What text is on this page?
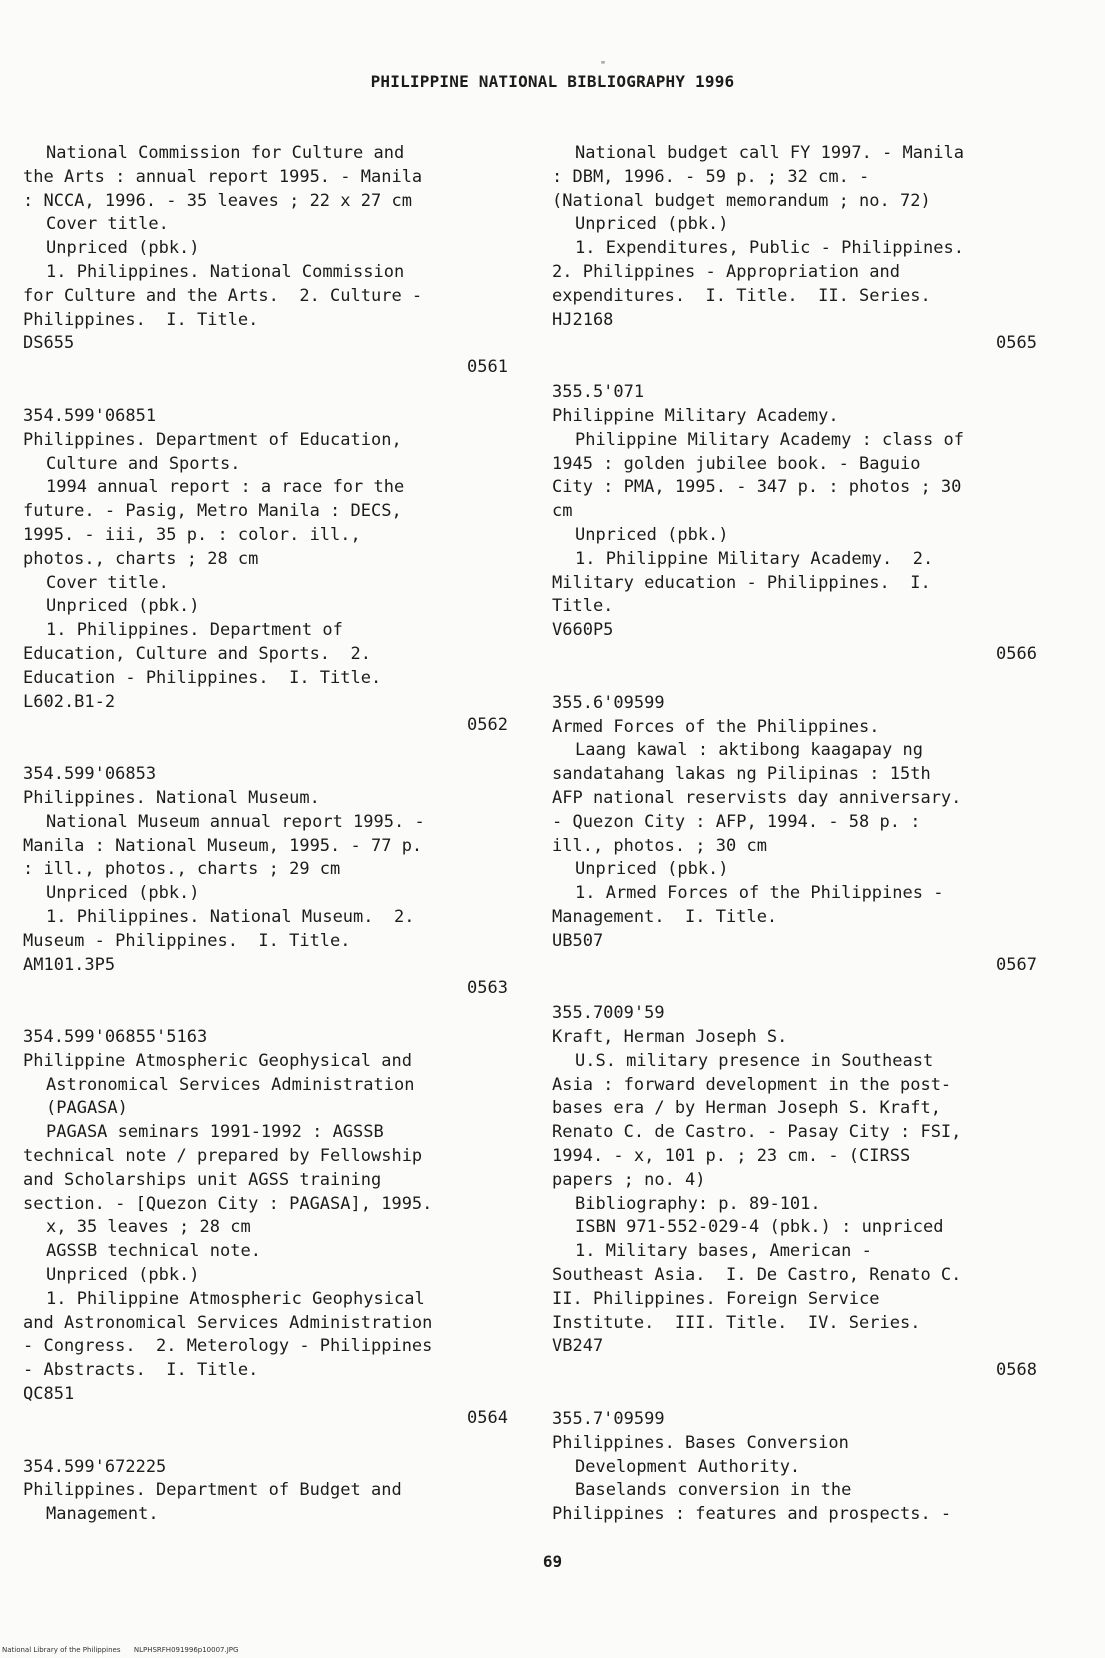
"
PHILIPPINE NATIONAL BIBLIOGRAPHY 1996
National Commission for Culture and
the Arts : annual report 1995. - Manila
: NCCA, 1996. - 35 leaves ; 22 x 27 cm
Cover title.
Unpriced (pbk.)
1. Philippines. National Commission
for Culture and the Arts.  2. Culture -
Philippines.  I. Title.
DS655
0561
354.599'06851
Philippines. Department of Education,
Culture and Sports.
1994 annual report : a race for the
future. - Pasig, Metro Manila : DECS,
1995. - iii, 35 p. : color. ill.,
photos., charts ; 28 cm
Cover title.
Unpriced (pbk.)
1. Philippines. Department of
Education, Culture and Sports.  2.
Education - Philippines.  I. Title.
L602.B1-2
0562
354.599'06853
Philippines. National Museum.
National Museum annual report 1995. -
Manila : National Museum, 1995. - 77 p.
: ill., photos., charts ; 29 cm
Unpriced (pbk.)
1. Philippines. National Museum.  2.
Museum - Philippines.  I. Title.
AM101.3P5
0563
354.599'06855'5163
Philippine Atmospheric Geophysical and
Astronomical Services Administration
(PAGASA)
PAGASA seminars 1991-1992 : AGSSB
technical note / prepared by Fellowship
and Scholarships unit AGSS training
section. - [Quezon City : PAGASA], 1995.
x, 35 leaves ; 28 cm
AGSSB technical note.
Unpriced (pbk.)
1. Philippine Atmospheric Geophysical
and Astronomical Services Administration
- Congress.  2. Meterology - Philippines
- Abstracts.  I. Title.
QC851
0564
354.599'672225
Philippines. Department of Budget and
Management.
National budget call FY 1997. - Manila
: DBM, 1996. - 59 p. ; 32 cm. -
(National budget memorandum ; no. 72)
Unpriced (pbk.)
1. Expenditures, Public - Philippines.
2. Philippines - Appropriation and
expenditures.  I. Title.  II. Series.
HJ2168
0565
355.5'071
Philippine Military Academy.
Philippine Military Academy : class of
1945 : golden jubilee book. - Baguio
City : PMA, 1995. - 347 p. : photos ; 30
cm
Unpriced (pbk.)
1. Philippine Military Academy.  2.
Military education - Philippines.  I.
Title.
V660P5
0566
355.6'09599
Armed Forces of the Philippines.
Laang kawal : aktibong kaagapay ng
sandatahang lakas ng Pilipinas : 15th
AFP national reservists day anniversary.
- Quezon City : AFP, 1994. - 58 p. :
ill., photos. ; 30 cm
Unpriced (pbk.)
1. Armed Forces of the Philippines -
Management.  I. Title.
UB507
0567
355.7009'59
Kraft, Herman Joseph S.
U.S. military presence in Southeast
Asia : forward development in the post-
bases era / by Herman Joseph S. Kraft,
Renato C. de Castro. - Pasay City : FSI,
1994. - x, 101 p. ; 23 cm. - (CIRSS
papers ; no. 4)
Bibliography: p. 89-101.
ISBN 971-552-029-4 (pbk.) : unpriced
1. Military bases, American -
Southeast Asia.  I. De Castro, Renato C.
II. Philippines. Foreign Service
Institute.  III. Title.  IV. Series.
VB247
0568
355.7'09599
Philippines. Bases Conversion
Development Authority.
Baselands conversion in the
Philippines : features and prospects. -
69
National Library of the Philippines      NLPHSRFH091996p10007.JPG
